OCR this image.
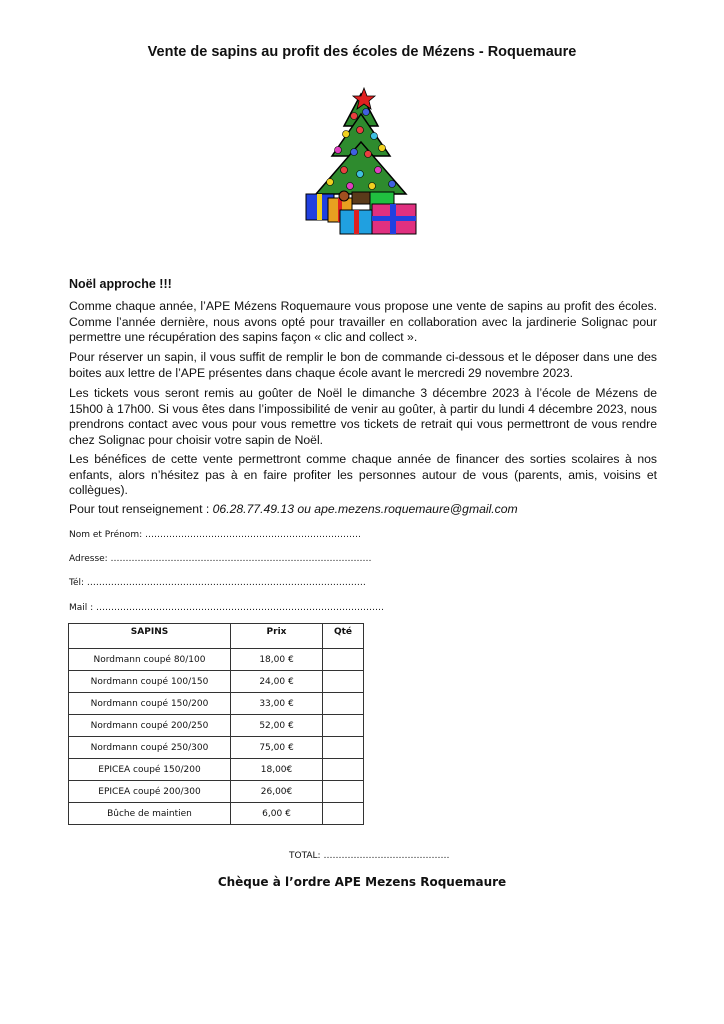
Vente de sapins au profit des écoles de Mézens - Roquemaure
Noël approche !!!
Comme chaque année, l’APE Mézens Roquemaure vous propose une vente de sapins au profit des écoles. Comme l’année dernière, nous avons opté pour travailler en collaboration avec la jardinerie Solignac pour permettre une récupération des sapins façon « clic and collect ».
Pour réserver un sapin, il vous suffit de remplir le bon de commande ci-dessous et le déposer dans une des boites aux lettre de l’APE présentes dans chaque école avant le mercredi 29 novembre 2023.
Les tickets vous seront remis au goûter de Noël le dimanche 3 décembre 2023 à l’école de Mézens de 15h00 à 17h00. Si vous êtes dans l’impossibilité de venir au goûter, à partir du lundi 4 décembre 2023, nous prendrons contact avec vous pour vous remettre vos tickets de retrait qui vous permettront de vous rendre chez Solignac pour choisir votre sapin de Noël.
Les bénéfices de cette vente permettront comme chaque année de financer des sorties scolaires à nos enfants, alors n’hésitez pas à en faire profiter les personnes autour de vous (parents, amis, voisins et collègues).
Pour tout renseignement : 06.28.77.49.13 ou ape.mezens.roquemaure@gmail.com
Nom et Prénom: ………………………………………………………………
Adresse: ……………………………………………………………………………
Tél: …………………………………………………………………………………
Mail : ……………………………………………………………………………………
SAPINS	Prix	Qté
Nordmann coupé 80/100	18,00 €	
Nordmann coupé 100/150	24,00 €	
Nordmann coupé 150/200	33,00 €	
Nordmann coupé 200/250	52,00 €	
Nordmann coupé 250/300	75,00 €	
EPICEA coupé 150/200	18,00€	
EPICEA coupé 200/300	26,00€	
Bûche de maintien	6,00 €	
TOTAL: ……………………………………
Chèque à l’ordre APE Mezens Roquemaure
